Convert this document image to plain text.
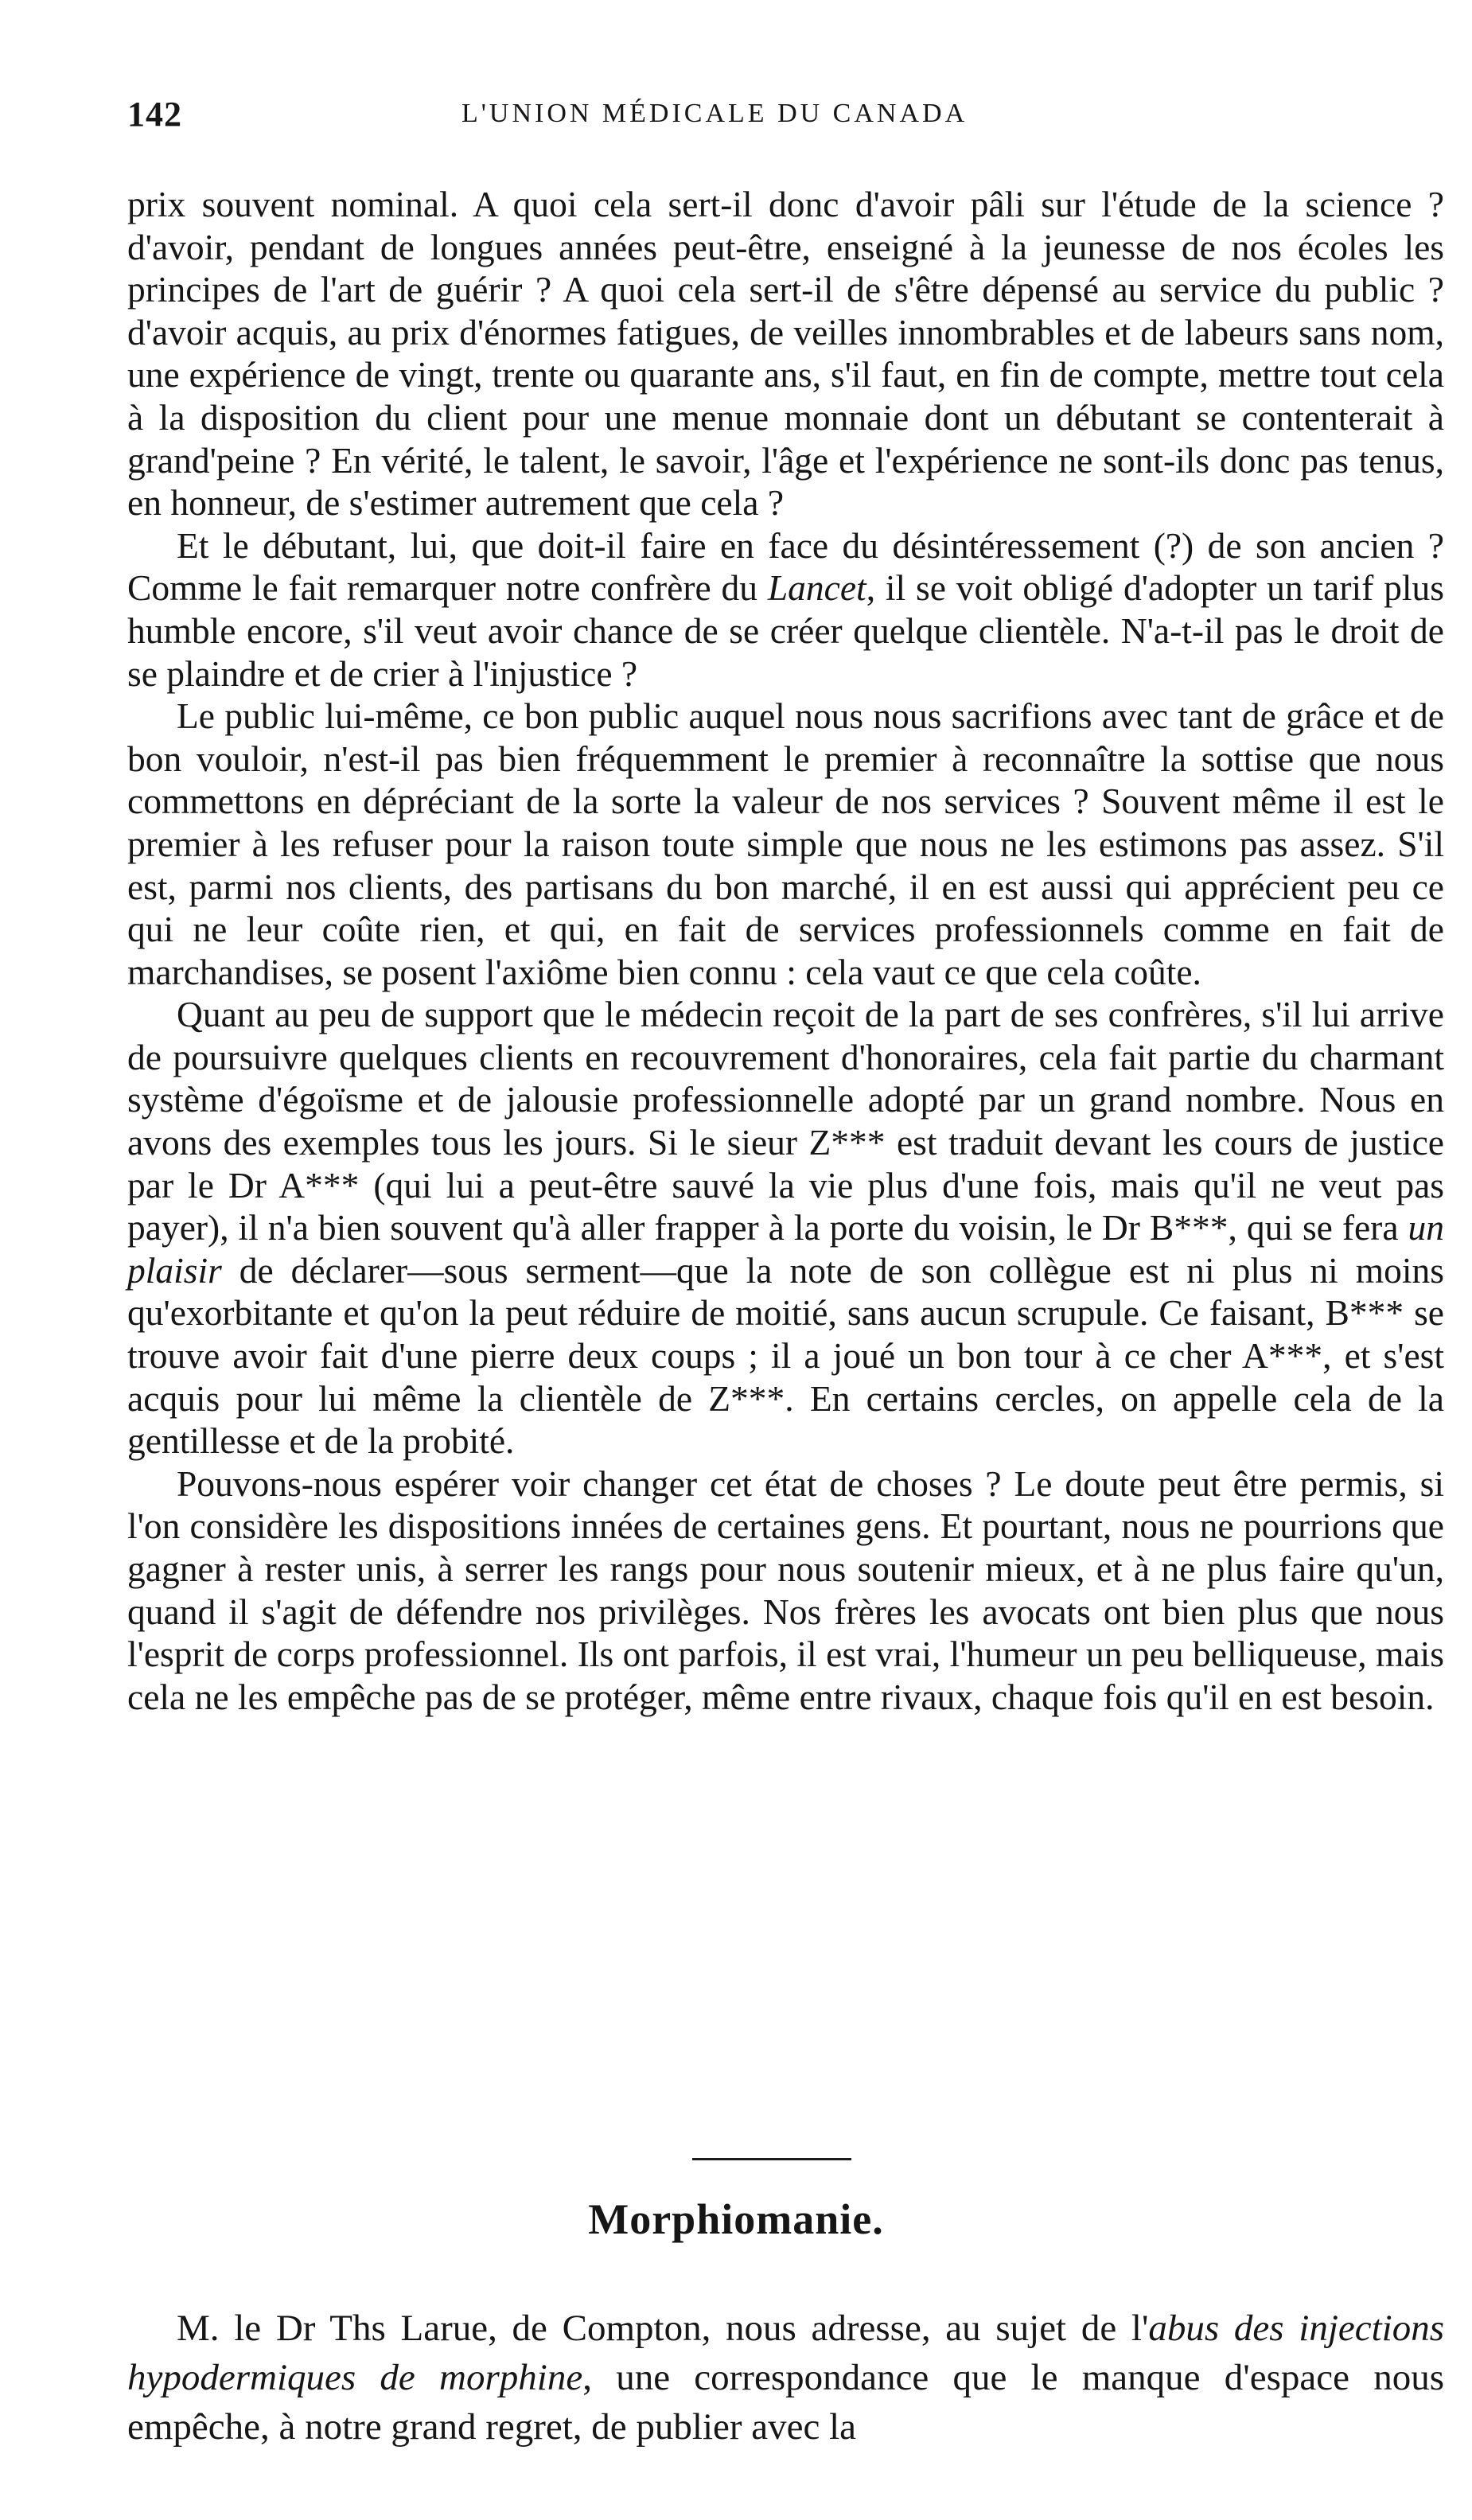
142	L'UNION MÉDICALE DU CANADA

prix souvent nominal. A quoi cela sert-il donc d'avoir pâli sur l'étude de la science ? d'avoir, pendant de longues années peut-être, enseigné à la jeunesse de nos écoles les principes de l'art de guérir ? A quoi cela sert-il de s'être dépensé au service du public ? d'avoir acquis, au prix d'énormes fatigues, de veilles innombrables et de labeurs sans nom, une expérience de vingt, trente ou quarante ans, s'il faut, en fin de compte, mettre tout cela à la disposition du client pour une menue monnaie dont un débutant se contenterait à grand'peine ? En vérité, le talent, le savoir, l'âge et l'expérience ne sont-ils donc pas tenus, en honneur, de s'estimer autrement que cela ?

Et le débutant, lui, que doit-il faire en face du désintéressement (?) de son ancien ? Comme le fait remarquer notre confrère du Lancet, il se voit obligé d'adopter un tarif plus humble encore, s'il veut avoir chance de se créer quelque clientèle. N'a-t-il pas le droit de se plaindre et de crier à l'injustice ?

Le public lui-même, ce bon public auquel nous nous sacrifions avec tant de grâce et de bon vouloir, n'est-il pas bien fréquemment le premier à reconnaître la sottise que nous commettons en dépréciant de la sorte la valeur de nos services ? Souvent même il est le premier à les refuser pour la raison toute simple que nous ne les estimons pas assez. S'il est, parmi nos clients, des partisans du bon marché, il en est aussi qui apprécient peu ce qui ne leur coûte rien, et qui, en fait de services professionnels comme en fait de marchandises, se posent l'axiôme bien connu : cela vaut ce que cela coûte.

Quant au peu de support que le médecin reçoit de la part de ses confrères, s'il lui arrive de poursuivre quelques clients en recouvrement d'honoraires, cela fait partie du charmant système d'égoïsme et de jalousie professionnelle adopté par un grand nombre. Nous en avons des exemples tous les jours. Si le sieur Z*** est traduit devant les cours de justice par le Dr A*** (qui lui a peut-être sauvé la vie plus d'une fois, mais qu'il ne veut pas payer), il n'a bien souvent qu'à aller frapper à la porte du voisin, le Dr B***, qui se fera un plaisir de déclarer—sous serment—que la note de son collègue est ni plus ni moins qu'exorbitante et qu'on la peut réduire de moitié, sans aucun scrupule. Ce faisant, B*** se trouve avoir fait d'une pierre deux coups ; il a joué un bon tour à ce cher A***, et s'est acquis pour lui même la clientèle de Z***. En certains cercles, on appelle cela de la gentillesse et de la probité.

Pouvons-nous espérer voir changer cet état de choses ? Le doute peut être permis, si l'on considère les dispositions innées de certaines gens. Et pourtant, nous ne pourrions que gagner à rester unis, à serrer les rangs pour nous soutenir mieux, et à ne plus faire qu'un, quand il s'agit de défendre nos privilèges. Nos frères les avocats ont bien plus que nous l'esprit de corps professionnel. Ils ont parfois, il est vrai, l'humeur un peu belliqueuse, mais cela ne les empêche pas de se protéger, même entre rivaux, chaque fois qu'il en est besoin.

Morphiomanie.

M. le Dr Ths Larue, de Compton, nous adresse, au sujet de l'abus des injections hypodermiques de morphine, une correspondance que le manque d'espace nous empêche, à notre grand regret, de publier avec la
